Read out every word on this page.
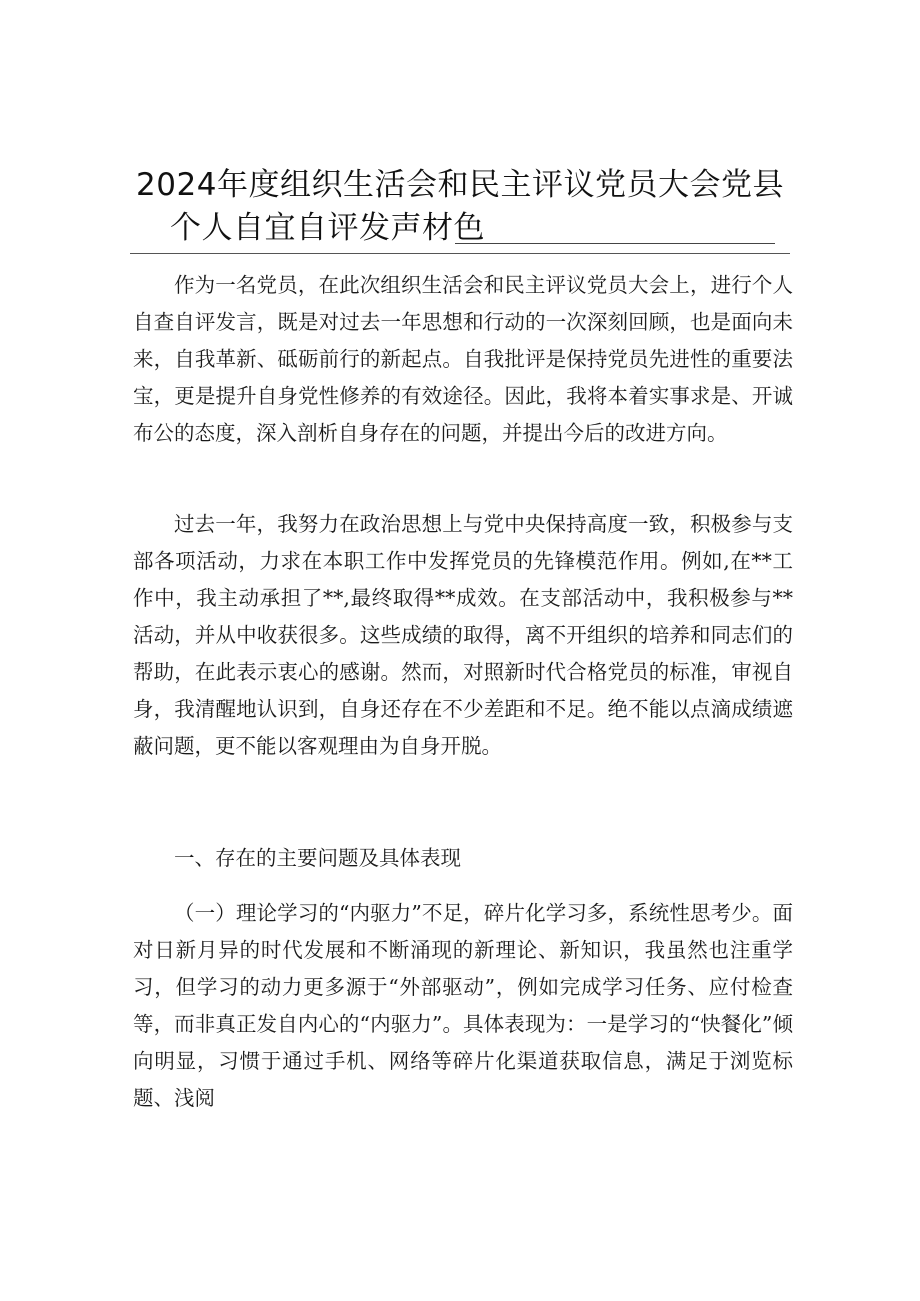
2024年度组织生活会和民主评议党员大会党县
个人自宜自评发声材色

作为一名党员，在此次组织生活会和民主评议党员大会上，进行个人自查自评发言，既是对过去一年思想和行动的一次深刻回顾，也是面向未来，自我革新、砥砺前行的新起点。自我批评是保持党员先进性的重要法宝，更是提升自身党性修养的有效途径。因此，我将本着实事求是、开诚布公的态度，深入剖析自身存在的问题，并提出今后的改进方向。

过去一年，我努力在政治思想上与党中央保持高度一致，积极参与支部各项活动，力求在本职工作中发挥党员的先锋模范作用。例如,在**工作中，我主动承担了**,最终取得**成效。在支部活动中，我积极参与**活动，并从中收获很多。这些成绩的取得，离不开组织的培养和同志们的帮助，在此表示衷心的感谢。然而，对照新时代合格党员的标准，审视自身，我清醒地认识到，自身还存在不少差距和不足。绝不能以点滴成绩遮蔽问题，更不能以客观理由为自身开脱。

一、存在的主要问题及具体表现

（一）理论学习的“内驱力”不足，碎片化学习多，系统性思考少。面对日新月异的时代发展和不断涌现的新理论、新知识，我虽然也注重学习，但学习的动力更多源于“外部驱动”，例如完成学习任务、应付检查等，而非真正发自内心的“内驱力”。具体表现为：一是学习的“快餐化”倾向明显，习惯于通过手机、网络等碎片化渠道获取信息，满足于浏览标题、浅阅
